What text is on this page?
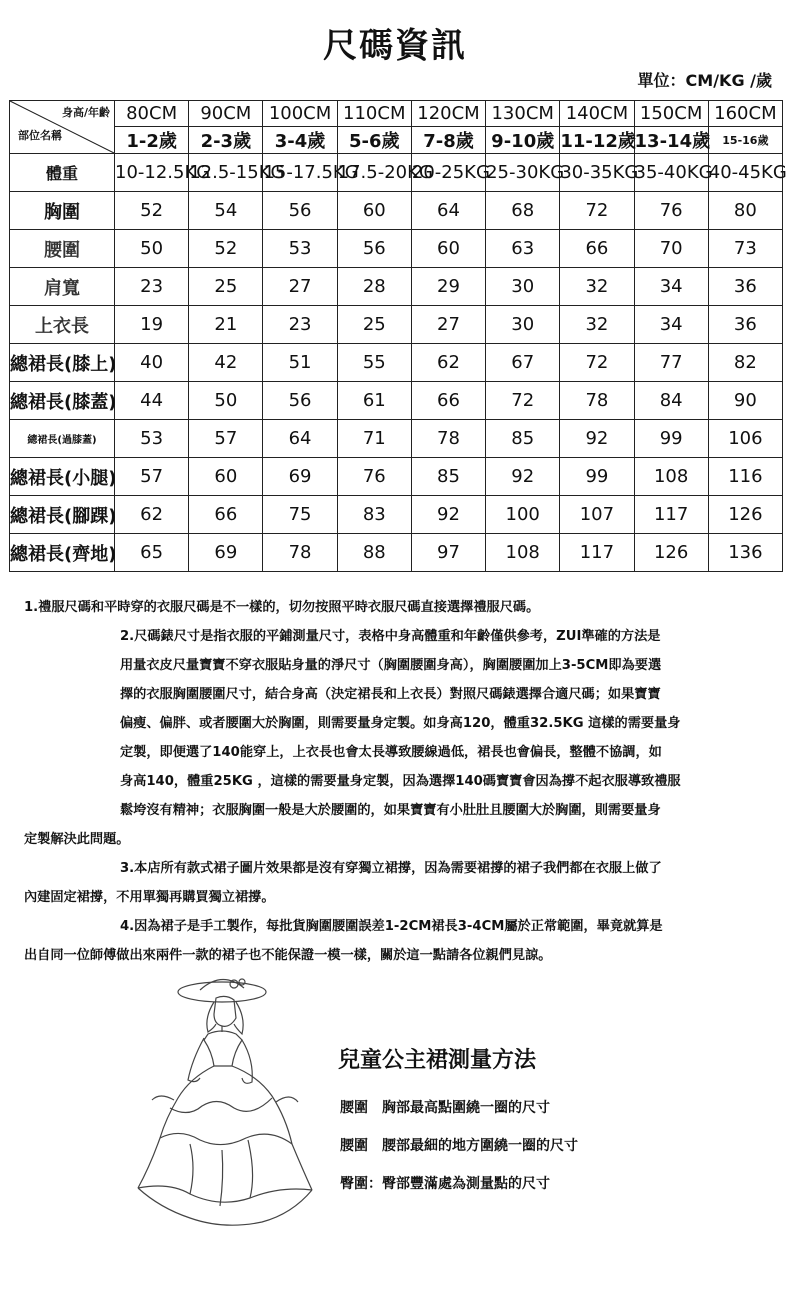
尺碼資訊
單位：CM/KG /歲
身高/年齡
部位名稱	80CM	90CM	100CM	110CM	120CM	130CM	140CM	150CM	160CM
	1-2歲	2-3歲	3-4歲	5-6歲	7-8歲	9-10歲	11-12歲	13-14歲	15-16歲
體重	10-12.5KG	12.5-15KG	15-17.5KG	17.5-20KG	20-25KG	25-30KG	30-35KG	35-40KG	40-45KG
胸圍	52	54	56	60	64	68	72	76	80
腰圍	50	52	53	56	60	63	66	70	73
肩寬	23	25	27	28	29	30	32	34	36
上衣長	19	21	23	25	27	30	32	34	36
總裙長(膝上)	40	42	51	55	62	67	72	77	82
總裙長(膝蓋)	44	50	56	61	66	72	78	84	90
總裙長(過膝蓋)	53	57	64	71	78	85	92	99	106
總裙長(小腿)	57	60	69	76	85	92	99	108	116
總裙長(腳踝)	62	66	75	83	92	100	107	117	126
總裙長(齊地)	65	69	78	88	97	108	117	126	136

1.禮服尺碼和平時穿的衣服尺碼是不一樣的，切勿按照平時衣服尺碼直接選擇禮服尺碼。

2.尺碼錶尺寸是指衣服的平鋪測量尺寸，表格中身高體重和年齡僅供參考，ZUI準確的方法是

用量衣皮尺量寶寶不穿衣服貼身量的淨尺寸（胸圍腰圍身高），胸圍腰圍加上3-5CM即為要選

擇的衣服胸圍腰圍尺寸，結合身高（決定裙長和上衣長）對照尺碼錶選擇合適尺碼；如果寶寶

偏瘦、偏胖、或者腰圍大於胸圍，則需要量身定製。如身高120，體重32.5KG 這樣的需要量身

定製，即便選了140能穿上，上衣長也會太長導致腰線過低，裙長也會偏長，整體不協調，如

身高140，體重25KG ，這樣的需要量身定製，因為選擇140碼寶寶會因為撐不起衣服導致禮服

鬆垮沒有精神；衣服胸圍一般是大於腰圍的，如果寶寶有小肚肚且腰圍大於胸圍，則需要量身

定製解決此問題。

3.本店所有款式裙子圖片效果都是沒有穿獨立裙撐，因為需要裙撐的裙子我們都在衣服上做了

內建固定裙撐，不用單獨再購買獨立裙撐。

4.因為裙子是手工製作，每批貨胸圍腰圍誤差1-2CM裙長3-4CM屬於正常範圍，畢竟就算是

出自同一位師傅做出來兩件一款的裙子也不能保證一模一樣，關於這一點請各位親們見諒。

兒童公主裙測量方法
腰圍 胸部最高點圍繞一圈的尺寸
腰圍 腰部最細的地方圍繞一圈的尺寸
臀圍：臀部豐滿處為測量點的尺寸
